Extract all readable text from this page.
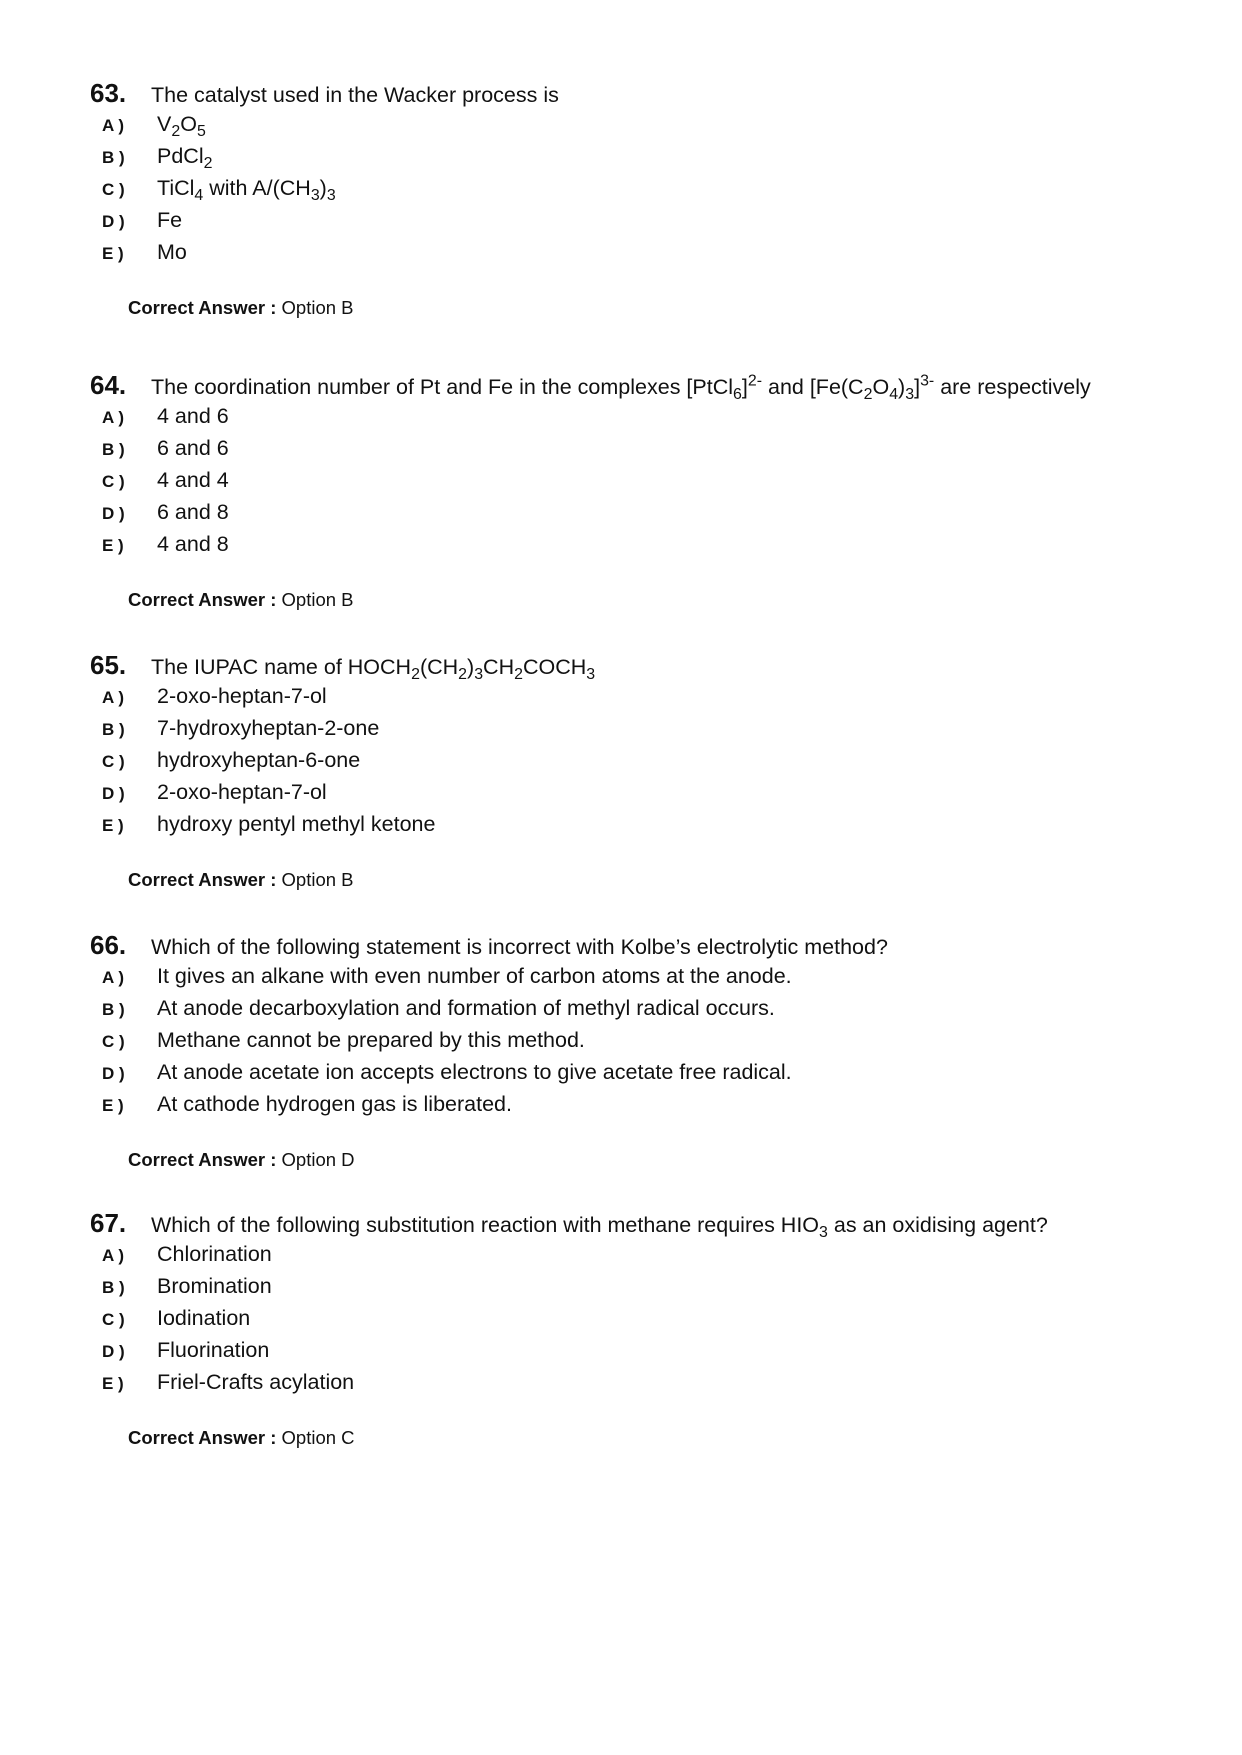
63.	The catalyst used in the Wacker process is
A )	$V_2O_5$
B )	PdCl$_2$
C )	TiCl$_4$ with $A/(CH_3)_3$
D )	Fe
E )	Mo
Correct Answer : Option B
64.	The coordination number of Pt and Fe in the complexes [PtCl$_6$]$^{2-}$ and $[Fe(C_2O_4)_3]^{3-}$ are respectively
A )	4 and 6
B )	6 and 6
C )	4 and 4
D )	6 and 8
E )	4 and 8
Correct Answer : Option B
65.	The IUPAC name of $HOCH_2(CH_2)_3CH_2COCH_3$
A )	2-oxo-heptan-7-ol
B )	7-hydroxyheptan-2-one
C )	hydroxyheptan-6-one
D )	2-oxo-heptan-7-ol
E )	hydroxy pentyl methyl ketone
Correct Answer : Option B
66.	Which of the following statement is incorrect with Kolbe’s electrolytic method?
A )	It gives an alkane with even number of carbon atoms at the anode.
B )	At anode decarboxylation and formation of methyl radical occurs.
C )	Methane cannot be prepared by this method.
D )	At anode acetate ion accepts electrons to give acetate free radical.
E )	At cathode hydrogen gas is liberated.
Correct Answer : Option D
67.	Which of the following substitution reaction with methane requires $HIO_3$ as an oxidising agent?
A )	Chlorination
B )	Bromination
C )	Iodination
D )	Fluorination
E )	Friel-Crafts acylation
Correct Answer : Option C
